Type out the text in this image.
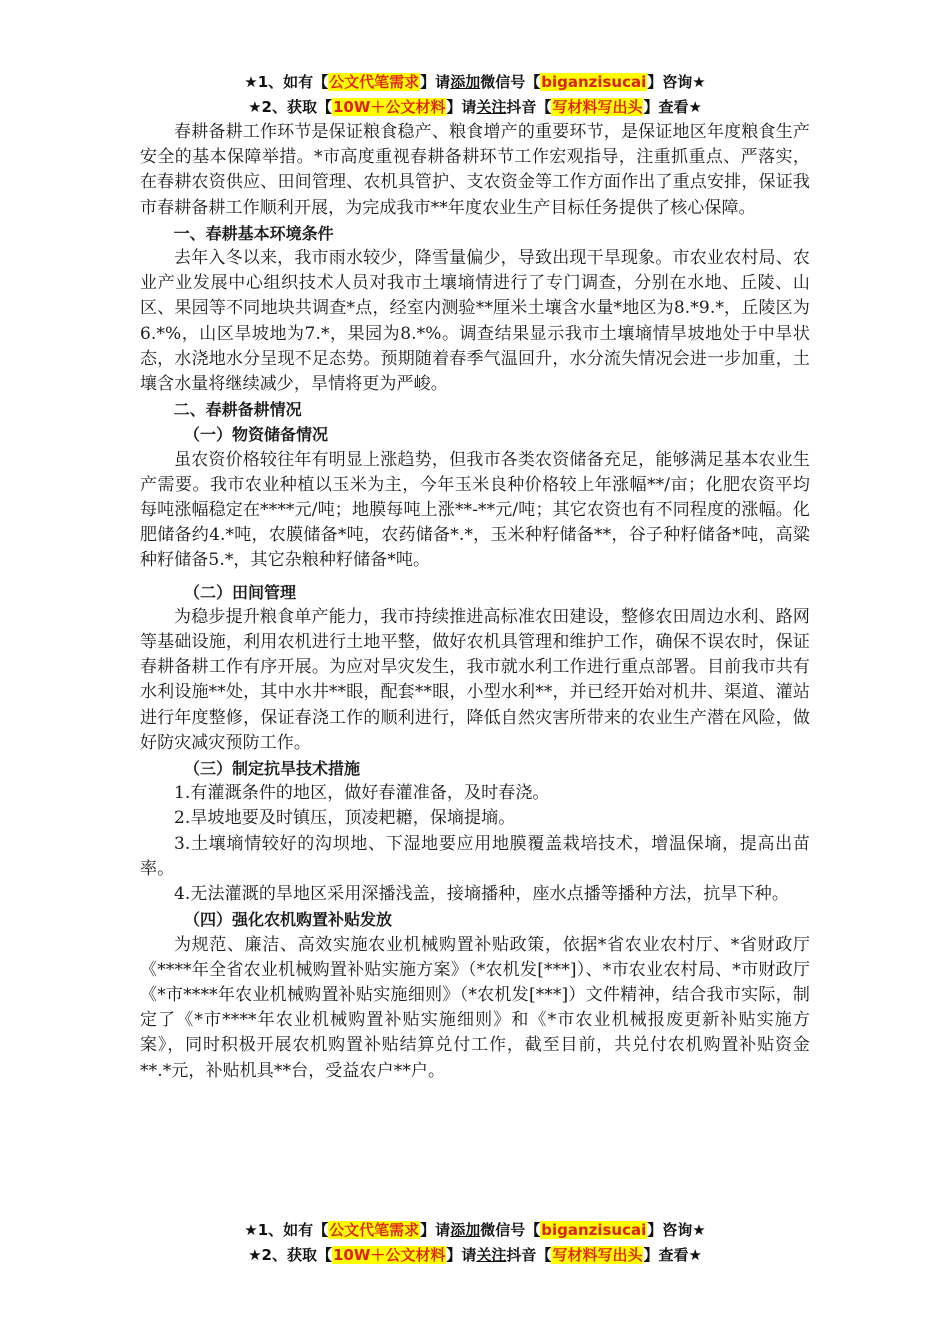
★1、如有【公文代笔需求】请添加微信号【biganzisucai】咨询★
★2、获取【10W＋公文材料】请关注抖音【写材料写出头】查看★

春耕备耕工作环节是保证粮食稳产、粮食增产的重要环节，是保证地区年度粮食生产安全的基本保障举措。*市高度重视春耕备耕环节工作宏观指导，注重抓重点、严落实，在春耕农资供应、田间管理、农机具管护、支农资金等工作方面作出了重点安排，保证我市春耕备耕工作顺利开展，为完成我市**年度农业生产目标任务提供了核心保障。

一、春耕基本环境条件

去年入冬以来，我市雨水较少，降雪量偏少，导致出现干旱现象。市农业农村局、农业产业发展中心组织技术人员对我市土壤墒情进行了专门调查，分别在水地、丘陵、山区、果园等不同地块共调查*点，经室内测验**厘米土壤含水量*地区为8.*9.*，丘陵区为6.*%，山区旱坡地为7.*，果园为8.*%。调查结果显示我市土壤墒情旱坡地处于中旱状态，水浇地水分呈现不足态势。预期随着春季气温回升，水分流失情况会进一步加重，土壤含水量将继续减少，旱情将更为严峻。

二、春耕备耕情况

（一）物资储备情况

虽农资价格较往年有明显上涨趋势，但我市各类农资储备充足，能够满足基本农业生产需要。我市农业种植以玉米为主，今年玉米良种价格较上年涨幅**/亩；化肥农资平均每吨涨幅稳定在****元/吨；地膜每吨上涨**-**元/吨；其它农资也有不同程度的涨幅。化肥储备约4.*吨，农膜储备*吨，农药储备*.*，玉米种籽储备**，谷子种籽储备*吨，高粱种籽储备5.*，其它杂粮种籽储备*吨。

（二）田间管理

为稳步提升粮食单产能力，我市持续推进高标准农田建设，整修农田周边水利、路网等基础设施，利用农机进行土地平整，做好农机具管理和维护工作，确保不误农时，保证春耕备耕工作有序开展。为应对旱灾发生，我市就水利工作进行重点部署。目前我市共有水利设施**处，其中水井**眼，配套**眼，小型水利**，并已经开始对机井、渠道、灌站进行年度整修，保证春浇工作的顺利进行，降低自然灾害所带来的农业生产潜在风险，做好防灾减灾预防工作。

（三）制定抗旱技术措施

1.有灌溉条件的地区，做好春灌准备，及时春浇。

2.旱坡地要及时镇压，顶凌耙耱，保墒提墒。

3.土壤墒情较好的沟坝地、下湿地要应用地膜覆盖栽培技术，增温保墒，提高出苗率。

4.无法灌溉的旱地区采用深播浅盖，接墒播种，座水点播等播种方法，抗旱下种。

（四）强化农机购置补贴发放

为规范、廉洁、高效实施农业机械购置补贴政策，依据*省农业农村厅、*省财政厅《****年全省农业机械购置补贴实施方案》（*农机发[***]）、*市农业农村局、*市财政厅《*市****年农业机械购置补贴实施细则》（*农机发[***]）文件精神，结合我市实际，制定了《*市****年农业机械购置补贴实施细则》和《*市农业机械报废更新补贴实施方案》，同时积极开展农机购置补贴结算兑付工作，截至目前，共兑付农机购置补贴资金**.*元，补贴机具**台，受益农户**户。

★1、如有【公文代笔需求】请添加微信号【biganzisucai】咨询★
★2、获取【10W＋公文材料】请关注抖音【写材料写出头】查看★
